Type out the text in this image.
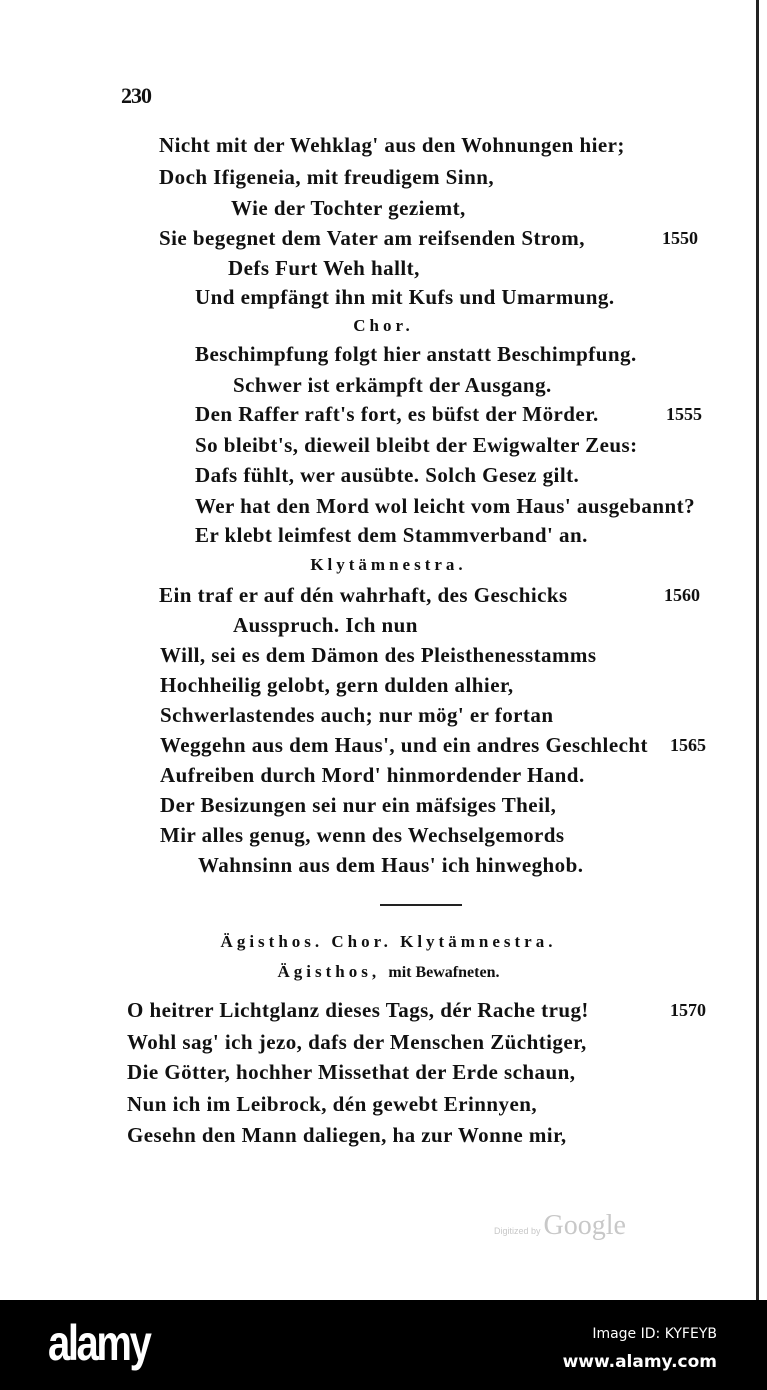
230
Nicht mit der Wehklag' aus den Wohnungen hier;
Doch Ifigeneia, mit freudigem Sinn,
Wie der Tochter geziemt,
Sie begegnet dem Vater am reifsenden Strom,	1550
Defs Furt Weh hallt,
Und empfängt ihn mit Kufs und Umarmung.
Chor.
Beschimpfung folgt hier anstatt Beschimpfung.
Schwer ist erkämpft der Ausgang.
Den Raffer raft's fort, es büfst der Mörder.	1555
So bleibt's, dieweil bleibt der Ewigwalter Zeus:
Dafs fühlt, wer ausübte. Solch Gesez gilt.
Wer hat den Mord wol leicht vom Haus' ausgebannt?
Er klebt leimfest dem Stammverband' an.
Klytämnestra.
Ein traf er auf dén wahrhaft, des Geschicks	1560
Ausspruch. Ich nun
Will, sei es dem Dämon des Pleisthenesstamms
Hochheilig gelobt, gern dulden alhier,
Schwerlastendes auch; nur mög' er fortan
Weggehn aus dem Haus', und ein andres Geschlecht 1565
Aufreiben durch Mord' hinmordender Hand.
Der Besizungen sei nur ein mäfsiges Theil,
Mir alles genug, wenn des Wechselgemords
Wahnsinn aus dem Haus' ich hinweghob.
Ägisthos. Chor. Klytämnestra.
Ägisthos, mit Bewafneten.
O heitrer Lichtglanz dieses Tags, dér Rache trug!	1570
Wohl sag' ich jezo, dafs der Menschen Züchtiger,
Die Götter, hochher Missethat der Erde schaun,
Nun ich im Leibrock, dén gewebt Erinnyen,
Gesehn den Mann daliegen, ha zur Wonne mir,
Digitized by Google
alamy	Image ID: KYFEYB
www.alamy.com
